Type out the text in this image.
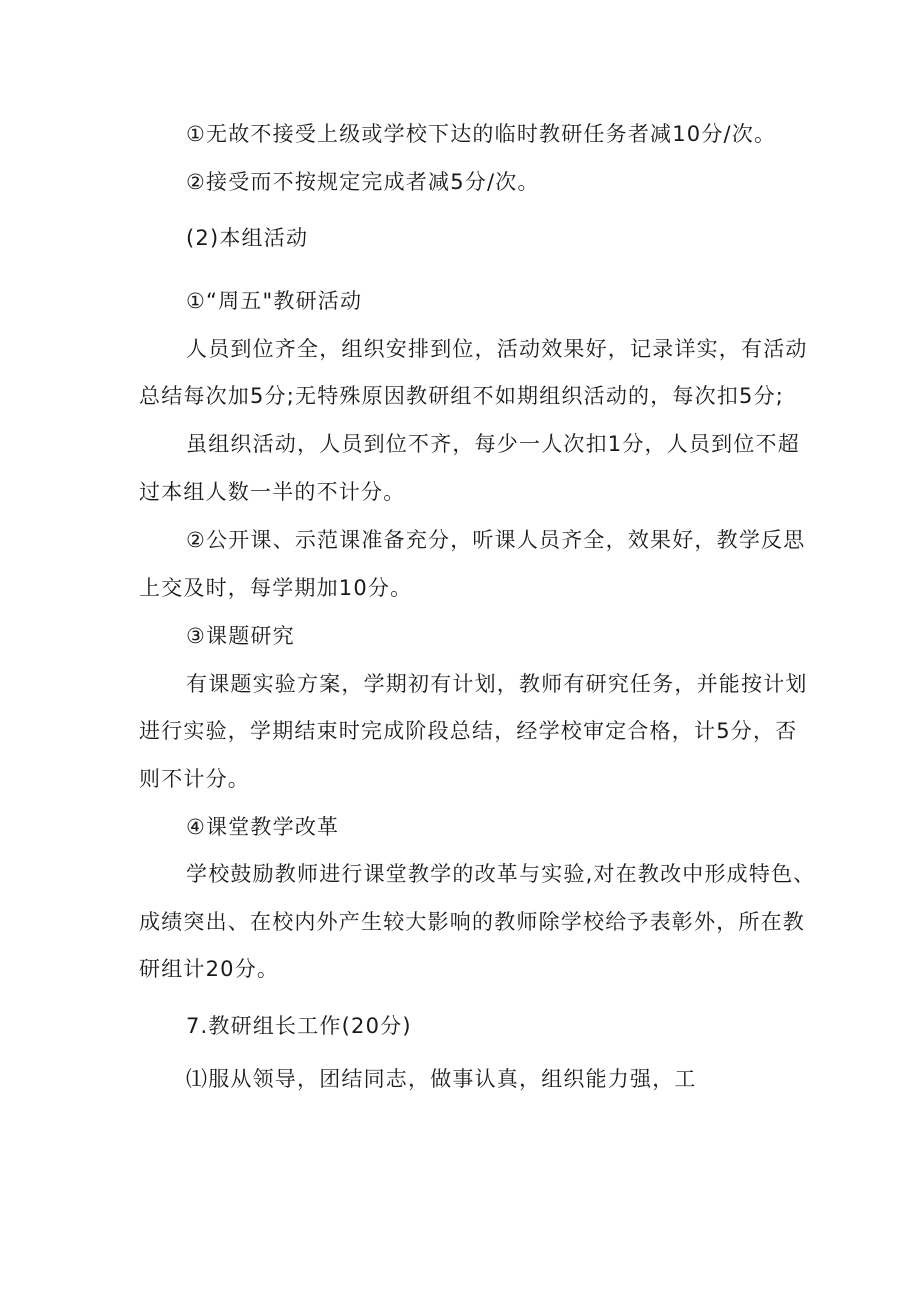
①无故不接受上级或学校下达的临时教研任务者减10分/次。
②接受而不按规定完成者减5分/次。
(2)本组活动
①“周五"教研活动
人员到位齐全，组织安排到位，活动效果好，记录详实，有活动
总结每次加5分;无特殊原因教研组不如期组织活动的，每次扣5分;
虽组织活动，人员到位不齐，每少一人次扣1分，人员到位不超
过本组人数一半的不计分。
②公开课、示范课准备充分，听课人员齐全，效果好，教学反思
上交及时，每学期加10分。
③课题研究
有课题实验方案，学期初有计划，教师有研究任务，并能按计划
进行实验，学期结束时完成阶段总结，经学校审定合格，计5分，否
则不计分。
④课堂教学改革
学校鼓励教师进行课堂教学的改革与实验,对在教改中形成特色、
成绩突出、在校内外产生较大影响的教师除学校给予表彰外，所在教
研组计20分。
7.教研组长工作(20分)
⑴服从领导，团结同志，做事认真，组织能力强，工
